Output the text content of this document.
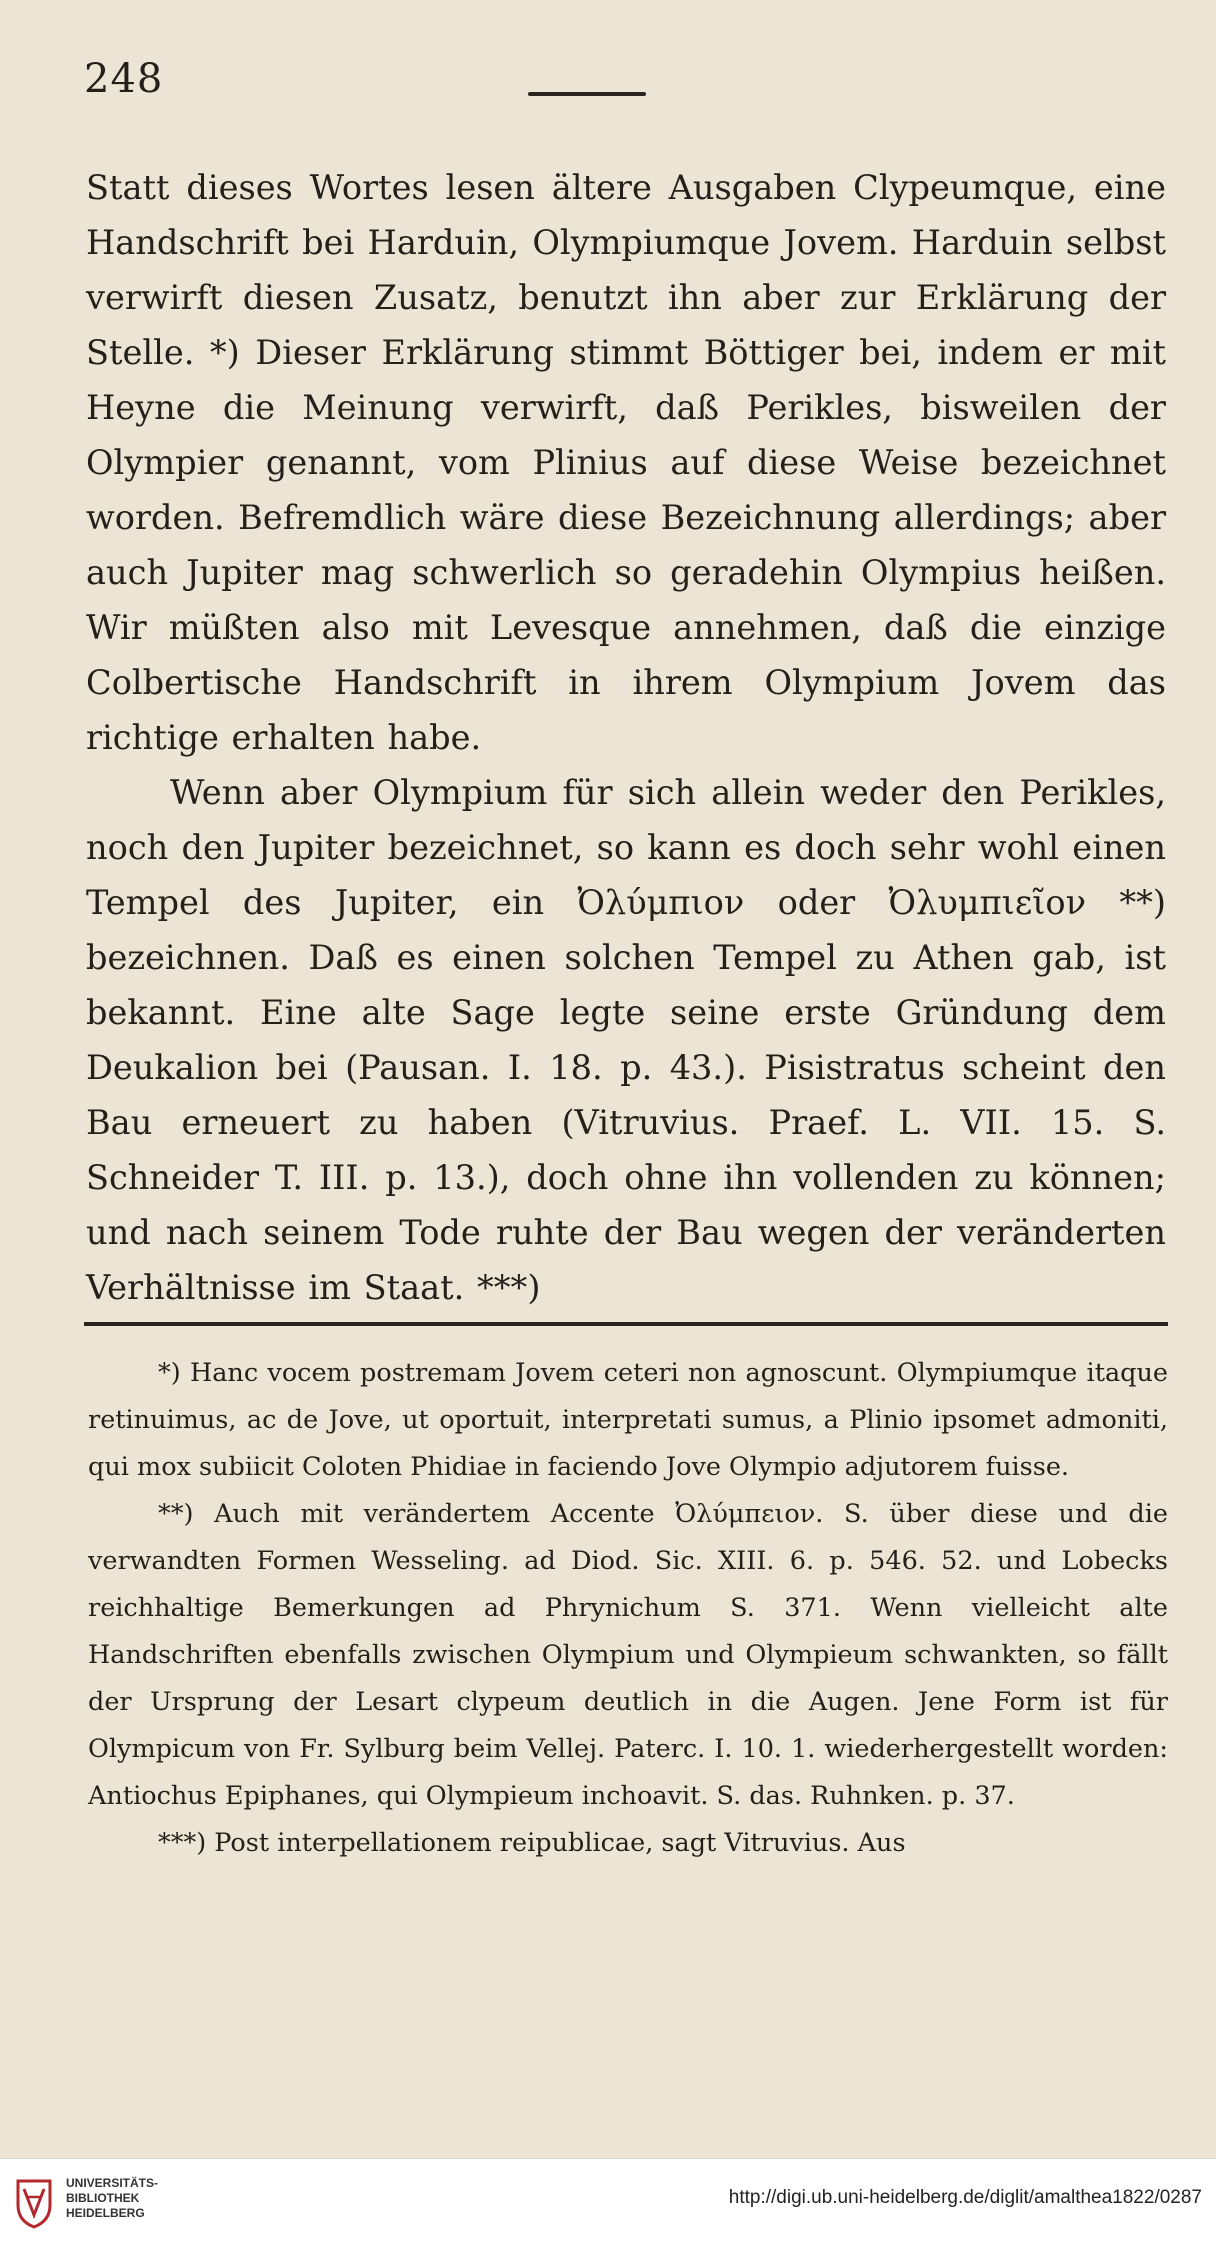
248

Statt dieses Wortes lesen ältere Ausgaben Clypeumque, eine Handschrift bei Harduin, Olympiumque Jovem. Harduin selbst verwirft diesen Zusatz, benutzt ihn aber zur Erklärung der Stelle. *) Dieser Erklärung stimmt Böttiger bei, indem er mit Heyne die Meinung verwirft, daß Perikles, bisweilen der Olympier genannt, vom Plinius auf diese Weise bezeichnet worden. Befremdlich wäre diese Bezeichnung allerdings; aber auch Jupiter mag schwerlich so geradehin Olympius heißen. Wir müßten also mit Levesque annehmen, daß die einzige Colbertische Handschrift in ihrem Olympium Jovem das richtige erhalten habe.

Wenn aber Olympium für sich allein weder den Perikles, noch den Jupiter bezeichnet, so kann es doch sehr wohl einen Tempel des Jupiter, ein Ὀλύμπιον oder Ὀλυμπιεῖον **) bezeichnen. Daß es einen solchen Tempel zu Athen gab, ist bekannt. Eine alte Sage legte seine erste Gründung dem Deukalion bei (Pausan. I. 18. p. 43.). Pisistratus scheint den Bau erneuert zu haben (Vitruvius. Praef. L. VII. 15. S. Schneider T. III. p. 13.), doch ohne ihn vollenden zu können; und nach seinem Tode ruhte der Bau wegen der veränderten Verhältnisse im Staat. ***)

*) Hanc vocem postremam Jovem ceteri non agnoscunt. Olympiumque itaque retinuimus, ac de Jove, ut oportuit, interpretati sumus, a Plinio ipsomet admoniti, qui mox subiicit Coloten Phidiae in faciendo Jove Olympio adjutorem fuisse.

**) Auch mit verändertem Accente Ὀλύμπειον. S. über diese und die verwandten Formen Wesseling. ad Diod. Sic. XIII. 6. p. 546. 52. und Lobecks reichhaltige Bemerkungen ad Phrynichum S. 371. Wenn vielleicht alte Handschriften ebenfalls zwischen Olympium und Olympieum schwankten, so fällt der Ursprung der Lesart clypeum deutlich in die Augen. Jene Form ist für Olympicum von Fr. Sylburg beim Vellej. Paterc. I. 10. 1. wiederhergestellt worden: Antiochus Epiphanes, qui Olympieum inchoavit. S. das. Ruhnken. p. 37.

***) Post interpellationem reipublicae, sagt Vitruvius. Aus

UNIVERSITÄTS-
BIBLIOTHEK
HEIDELBERG
http://digi.ub.uni-heidelberg.de/diglit/amalthea1822/0287
